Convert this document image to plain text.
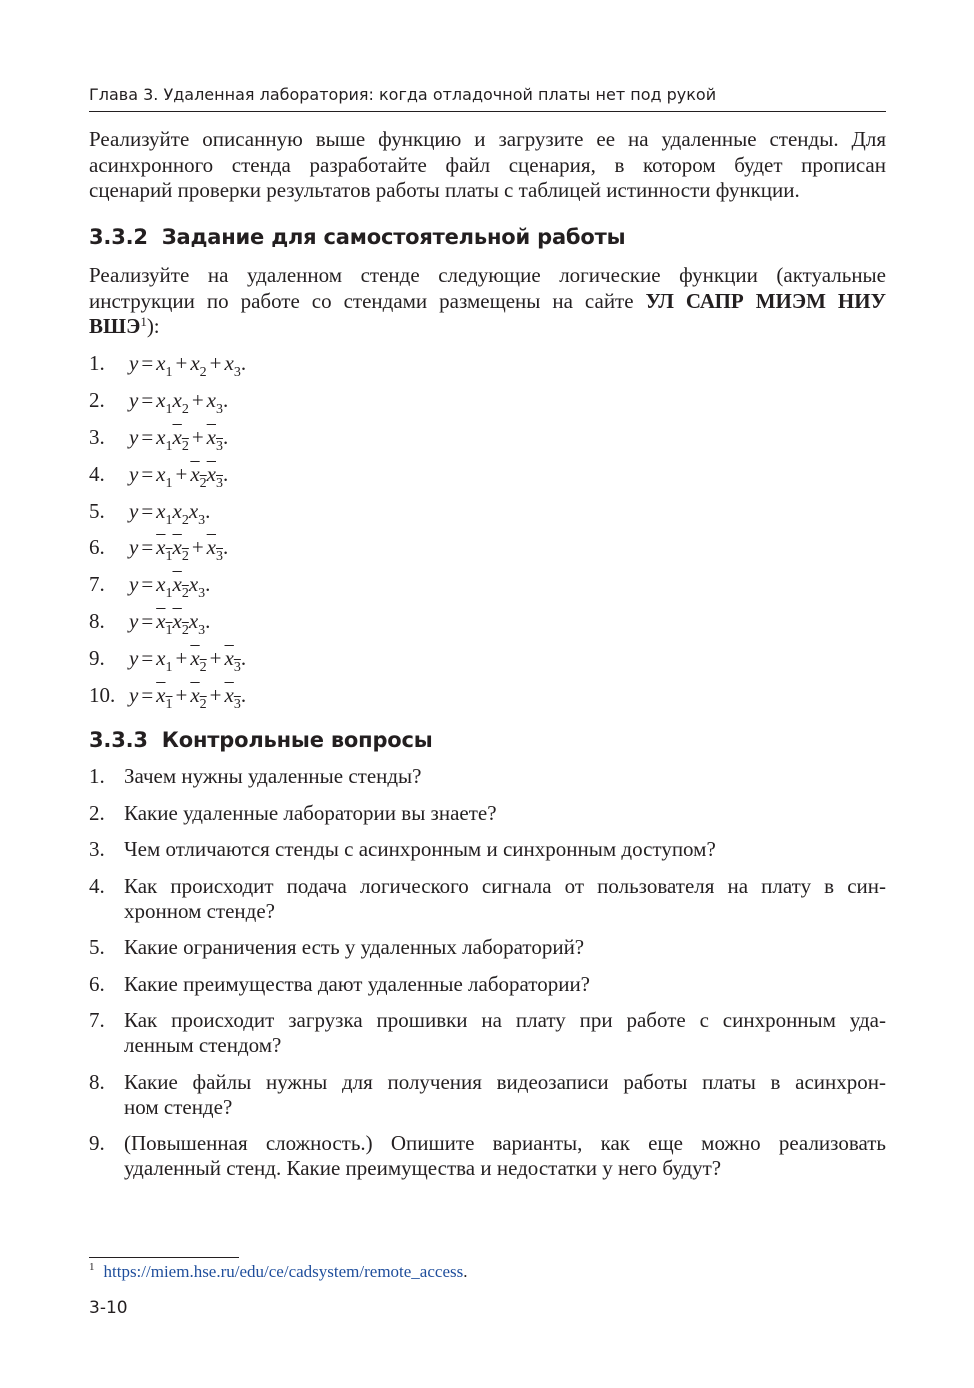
Глава 3. Удаленная лаборатория: когда отладочной платы нет под рукой
Реализуйте описанную выше функцию и загрузите ее на удаленные стенды. Для
асинхронного стенда разработайте файл сценария, в котором будет прописан
сценарий проверки результатов работы платы с таблицей истинности функции.
3.3.2 Задание для самостоятельной работы
Реализуйте на удаленном стенде следующие логические функции (актуальные
инструкции по работе со стендами размещены на сайте УЛ САПР МИЭМ НИУ
ВШЭ$^1$):
1. $y = x_1 + x_2 + x_3$.
2. $y = x_1x_2 + x_3$.
3. $y = x_1x_2 + x_3$.
4. $y = x_1 + x_2x_3$.
5. $y = x_1x_2x_3$.
6. $y = x_1x_2 + x_3$.
7. $y = x_1x_2x_3$.
8. $y = x_1x_2x_3$.
9. $y = x_1 + x_2 + x_3$.
10. $y = x_1 + x_2 + x_3$.
3.3.3 Контрольные вопросы
1. Зачем нужны удаленные стенды?
2. Какие удаленные лаборатории вы знаете?
3. Чем отличаются стенды с асинхронным и синхронным доступом?
4. Как происходит подача логического сигнала от пользователя на плату в син-
хронном стенде?
5. Какие ограничения есть у удаленных лабораторий?
6. Какие преимущества дают удаленные лаборатории?
7. Как происходит загрузка прошивки на плату при работе с синхронным уда-
ленным стендом?
8. Какие файлы нужны для получения видеозаписи работы платы в асинхрон-
ном стенде?
9. (Повышенная сложность.) Опишите варианты, как еще можно реализовать
удаленный стенд. Какие преимущества и недостатки у него будут?
$^1$ https://miem.hse.ru/edu/ce/cadsystem/remote_access.
3-10
